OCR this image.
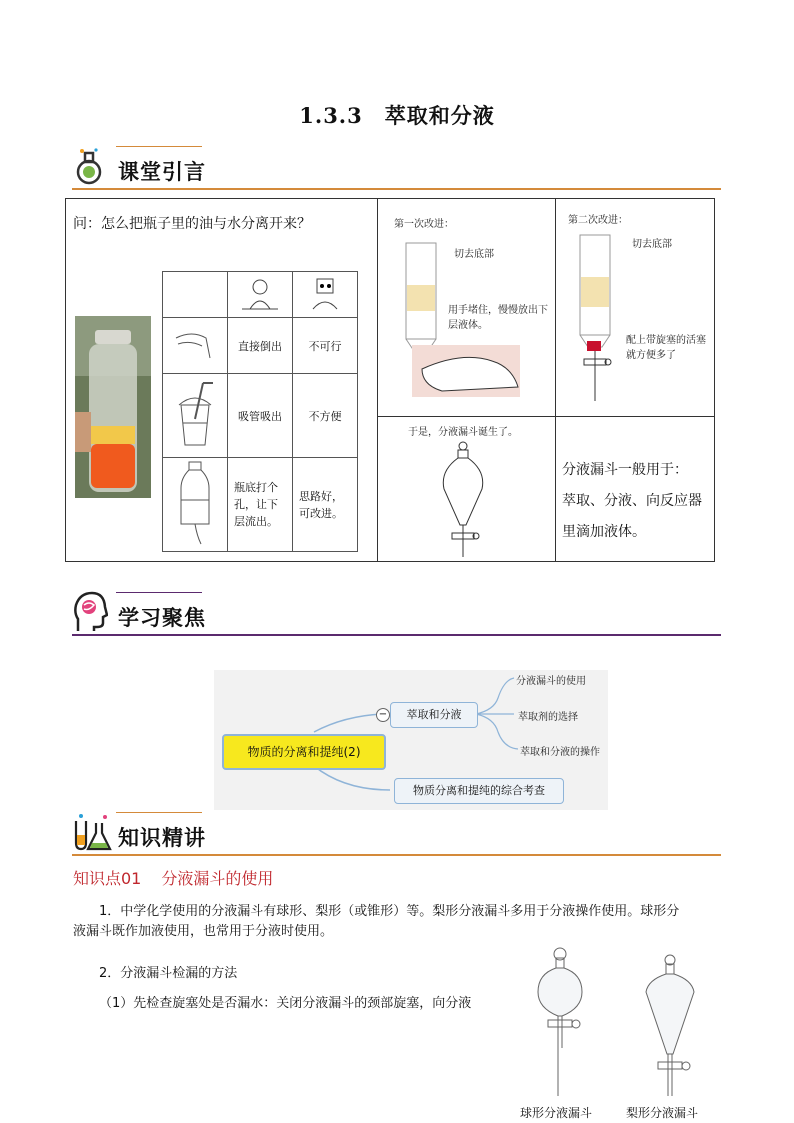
1.3.3　萃取和分液
课堂引言
问：怎么把瓶子里的油与水分离开来？

	直接倒出	不可行
	吸管吸出	不方便
	瓶底打个孔，让下层流出。	思路好，可改进。

第一次改进：
切去底部
用手堵住，慢慢放出下层液体。

第二次改进：
切去底部
配上带旋塞的活塞就方便多了

于是，分液漏斗诞生了。

分液漏斗一般用于：
萃取、分液、向反应器
里滴加液体。
学习聚焦
物质的分离和提纯(2)
萃取和分液
−
物质分离和提纯的综合考查
分液漏斗的使用
萃取剂的选择
萃取和分液的操作
知识精讲
知识点01 分液漏斗的使用
1．中学化学使用的分液漏斗有球形、梨形（或锥形）等。梨形分液漏斗多用于分液操作使用。球形分
液漏斗既作加液使用，也常用于分液时使用。
2．分液漏斗检漏的方法
（1）先检查旋塞处是否漏水：关闭分液漏斗的颈部旋塞，向分液
球形分液漏斗	梨形分液漏斗
